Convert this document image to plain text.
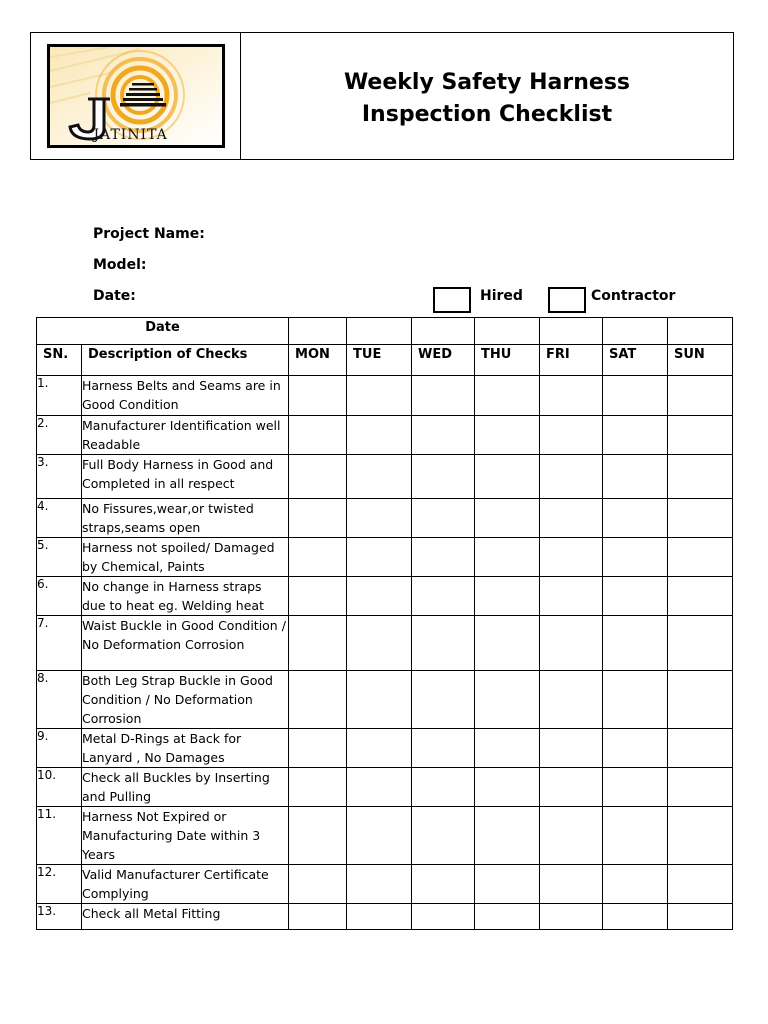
JATINITA
Weekly Safety Harness Inspection Checklist
Project Name:
Model:
Date:	Hired	Contractor
Date								
SN.	Description of Checks	MON	TUE	WED	THU	FRI	SAT	SUN
1.	Harness Belts and Seams are in Good Condition							
2.	Manufacturer Identification well Readable							
3.	Full Body Harness in Good and Completed in all respect							
4.	No Fissures,wear,or twisted straps,seams open							
5.	Harness not spoiled/ Damaged by Chemical, Paints							
6.	No change in Harness straps due to heat eg. Welding heat							
7.	Waist Buckle in Good Condition / No Deformation Corrosion							
8.	Both Leg Strap Buckle in Good Condition / No Deformation Corrosion							
9.	Metal D-Rings at Back for Lanyard , No Damages							
10.	Check all Buckles by Inserting and Pulling							
11.	Harness Not Expired or Manufacturing Date within 3 Years							
12.	Valid Manufacturer Certificate Complying							
13.	Check all Metal Fitting							
